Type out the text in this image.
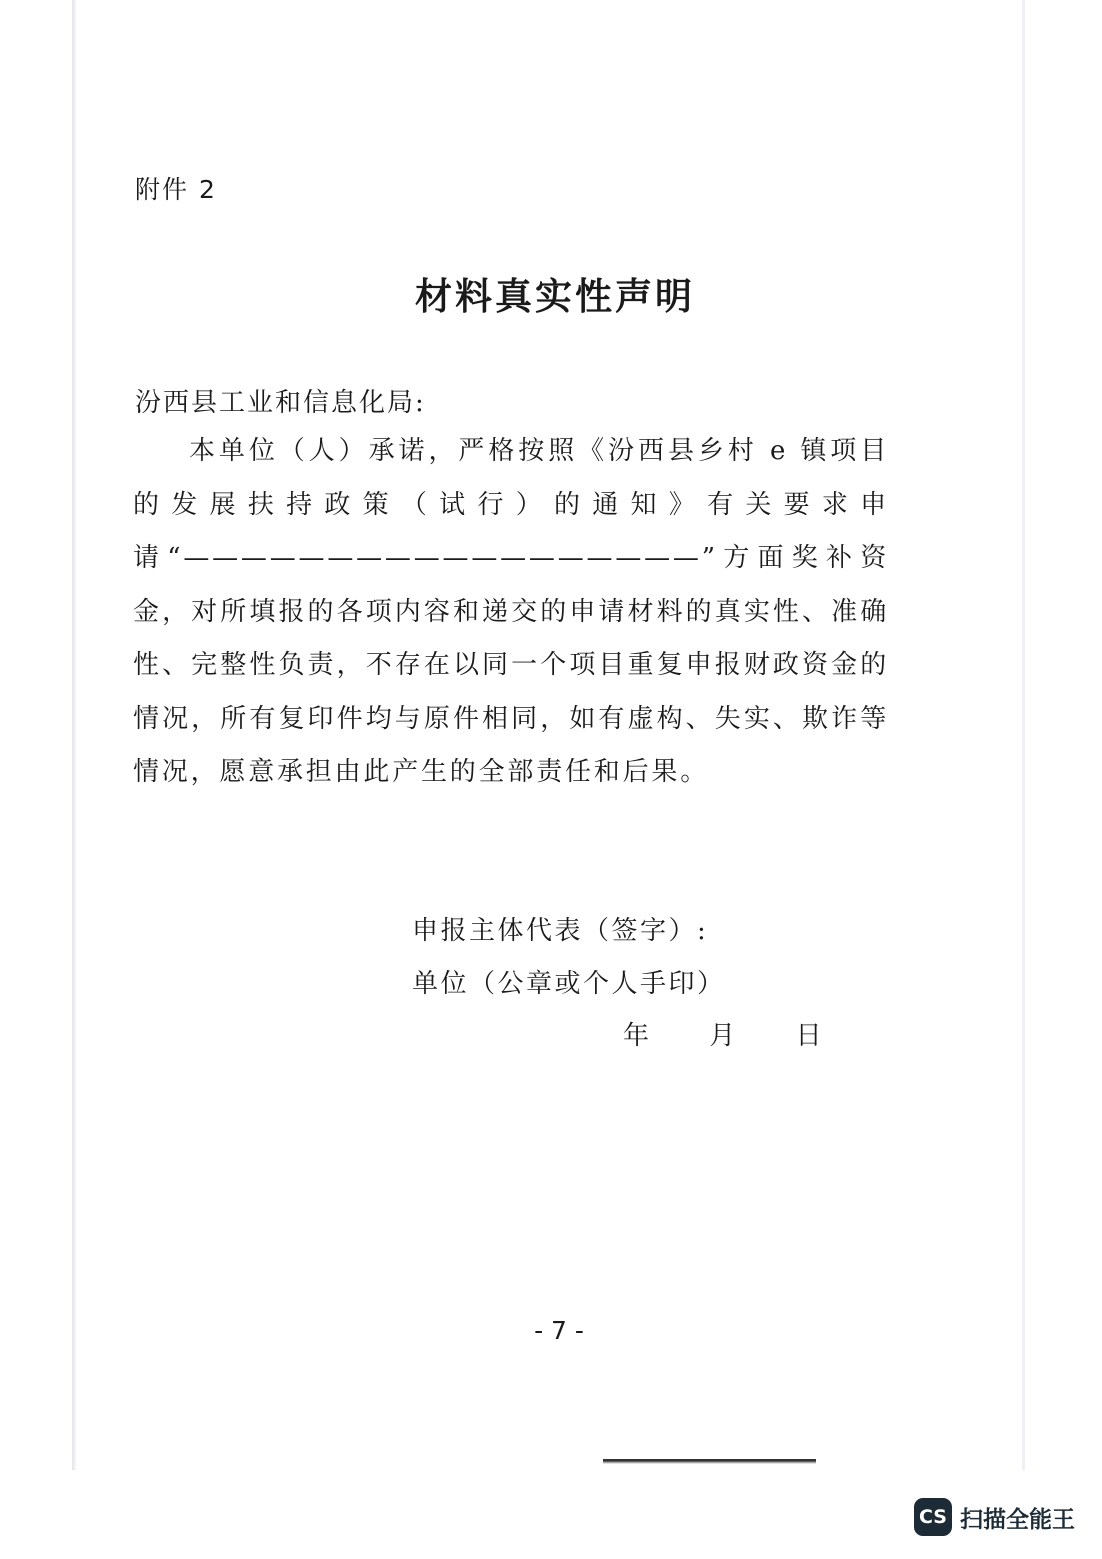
附件 2
材料真实性声明
汾西县工业和信息化局:

本单位（人）承诺，严格按照《汾西县乡村 e 镇项目的发展扶持政策（试行）的通知》有关要求申请“——————————————————”方面奖补资金，对所填报的各项内容和递交的申请材料的真实性、准确性、完整性负责，不存在以同一个项目重复申报财政资金的情况，所有复印件均与原件相同，如有虚构、失实、欺诈等情况，愿意承担由此产生的全部责任和后果。

申报主体代表（签字）:
单位（公章或个人手印）
年 月 日
- 7 -
CS 扫描全能王
